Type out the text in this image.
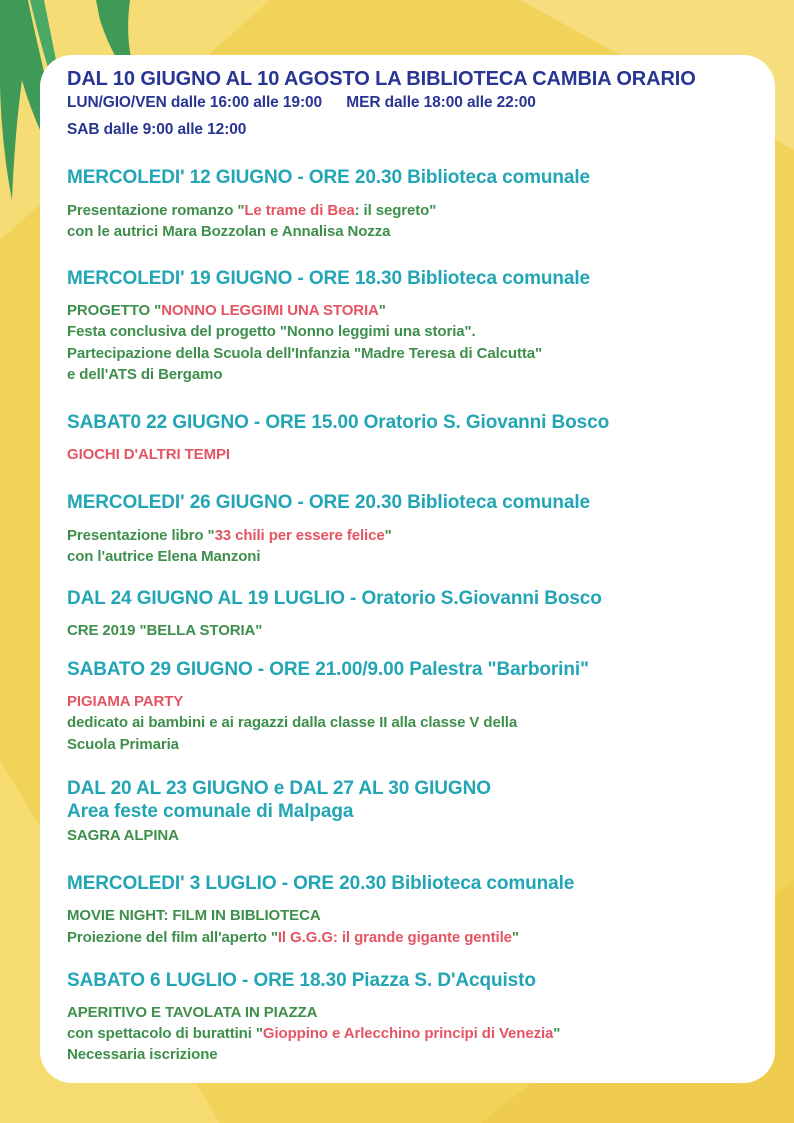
DAL 10 GIUGNO AL 10 AGOSTO LA BIBLIOTECA CAMBIA ORARIO
LUN/GIO/VEN dalle 16:00 alle 19:00 MER dalle 18:00 alle 22:00
SAB dalle 9:00 alle 12:00
MERCOLEDI' 12 GIUGNO - ORE 20.30 Biblioteca comunale
Presentazione romanzo "Le trame di Bea: il segreto"
con le autrici Mara Bozzolan e Annalisa Nozza
MERCOLEDI' 19 GIUGNO - ORE 18.30 Biblioteca comunale
PROGETTO "NONNO LEGGIMI UNA STORIA"
Festa conclusiva del progetto "Nonno leggimi una storia".
Partecipazione della Scuola dell'Infanzia "Madre Teresa di Calcutta"
e dell'ATS di Bergamo
SABAT0 22 GIUGNO - ORE 15.00 Oratorio S. Giovanni Bosco
GIOCHI D'ALTRI TEMPI
MERCOLEDI' 26 GIUGNO - ORE 20.30 Biblioteca comunale
Presentazione libro "33 chili per essere felice"
con l'autrice Elena Manzoni
DAL 24 GIUGNO AL 19 LUGLIO - Oratorio S.Giovanni Bosco
CRE 2019 "BELLA STORIA"
SABATO 29 GIUGNO - ORE 21.00/9.00 Palestra "Barborini"
PIGIAMA PARTY
dedicato ai bambini e ai ragazzi dalla classe II alla classe V della
Scuola Primaria
DAL 20 AL 23 GIUGNO e DAL 27 AL 30 GIUGNO
Area feste comunale di Malpaga
SAGRA ALPINA
MERCOLEDI' 3 LUGLIO - ORE 20.30 Biblioteca comunale
MOVIE NIGHT: FILM IN BIBLIOTECA
Proiezione del film all'aperto "Il G.G.G: il grande gigante gentile"
SABATO 6 LUGLIO - ORE 18.30 Piazza S. D'Acquisto
APERITIVO E TAVOLATA IN PIAZZA
con spettacolo di burattini "Gioppino e Arlecchino principi di Venezia"
Necessaria iscrizione
